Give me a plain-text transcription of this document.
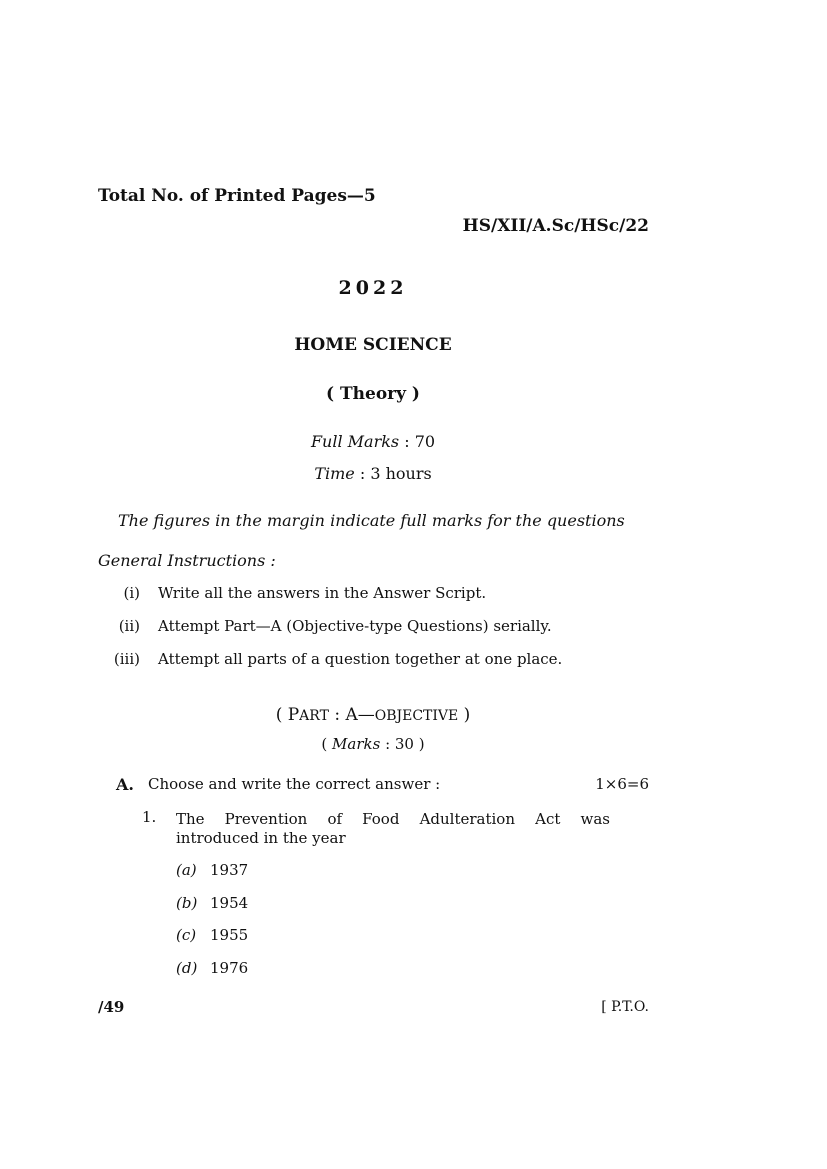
Total No. of Printed Pages—5
HS/XII/A.Sc/HSc/22
2022
HOME SCIENCE
( Theory )
Full Marks : 70
Time : 3 hours
The figures in the margin indicate full marks for the questions
General Instructions :
(i) Write all the answers in the Answer Script.
(ii) Attempt Part—A (Objective-type Questions) serially.
(iii) Attempt all parts of a question together at one place.
( PART : A—OBJECTIVE )
( Marks : 30 )
A. Choose and write the correct answer :	1×6=6
1. The Prevention of Food Adulteration Act was
introduced in the year
(a) 1937
(b) 1954
(c) 1955
(d) 1976
/49	[ P.T.O.
